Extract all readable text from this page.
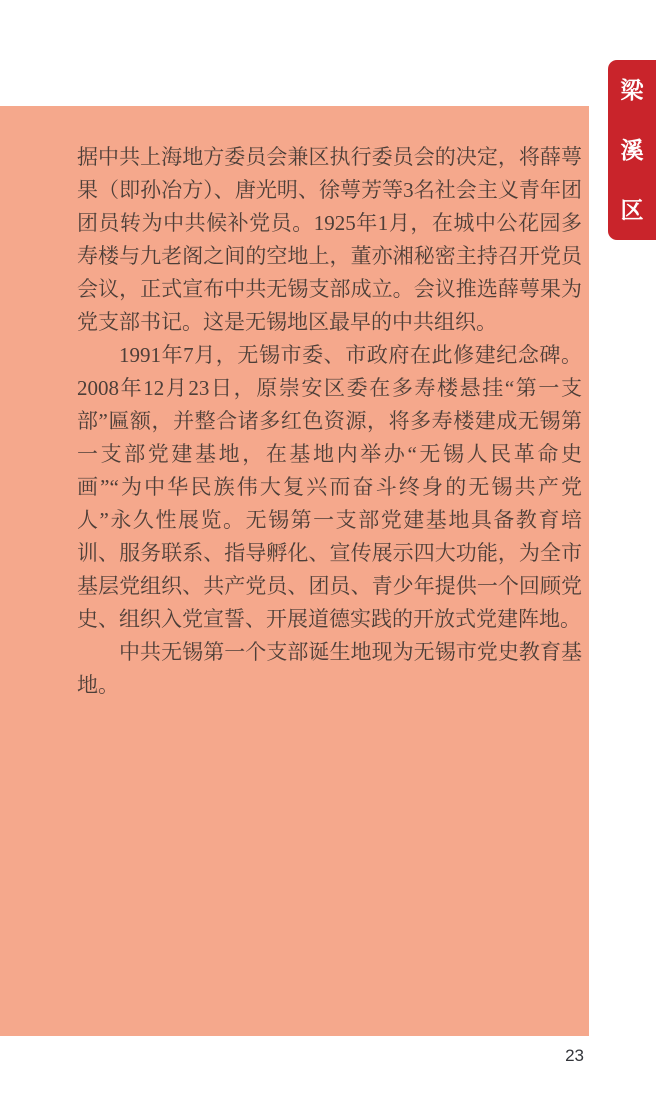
据中共上海地方委员会兼区执行委员会的决定，将薛萼果（即孙冶方）、唐光明、徐萼芳等3名社会主义青年团团员转为中共候补党员。1925年1月，在城中公花园多寿楼与九老阁之间的空地上，董亦湘秘密主持召开党员会议，正式宣布中共无锡支部成立。会议推选薛萼果为党支部书记。这是无锡地区最早的中共组织。

1991年7月，无锡市委、市政府在此修建纪念碑。2008年12月23日，原崇安区委在多寿楼悬挂“第一支部”匾额，并整合诸多红色资源，将多寿楼建成无锡第一支部党建基地，在基地内举办“无锡人民革命史画”“为中华民族伟大复兴而奋斗终身的无锡共产党人”永久性展览。无锡第一支部党建基地具备教育培训、服务联系、指导孵化、宣传展示四大功能，为全市基层党组织、共产党员、团员、青少年提供一个回顾党史、组织入党宣誓、开展道德实践的开放式党建阵地。

中共无锡第一个支部诞生地现为无锡市党史教育基地。

梁
溪
区
23
